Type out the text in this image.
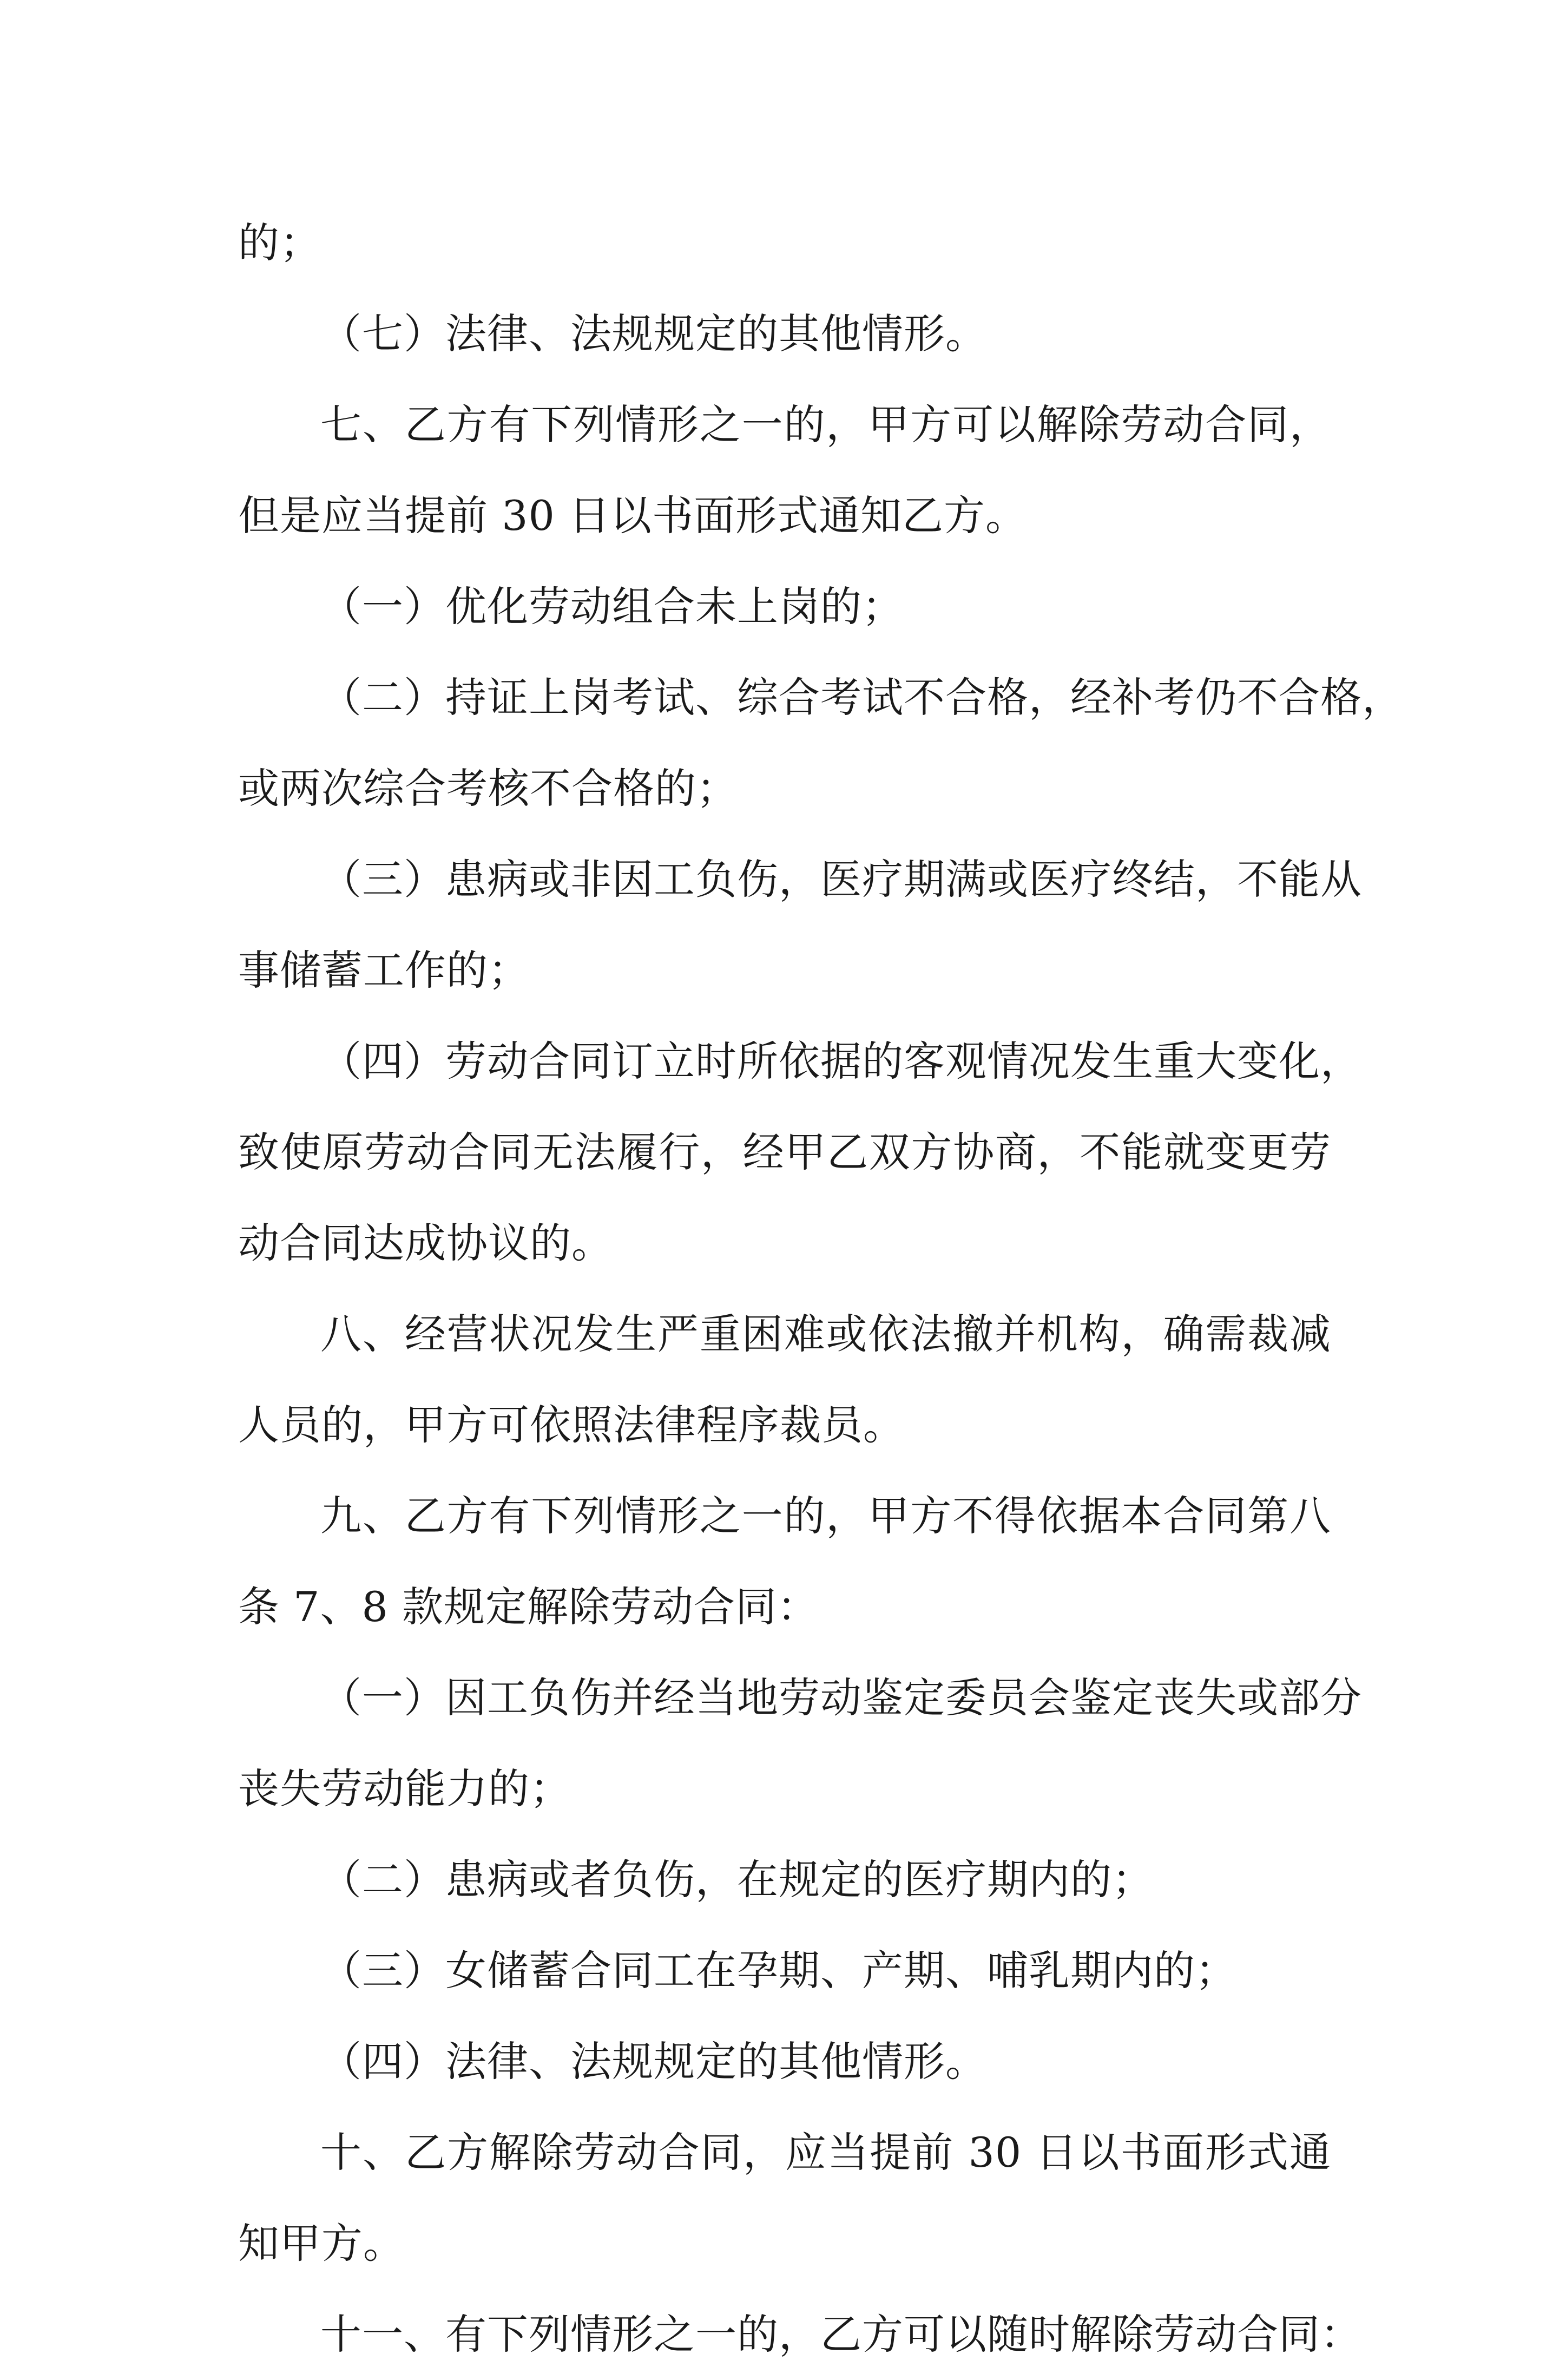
的；
（七）法律、法规规定的其他情形。
七、乙方有下列情形之一的，甲方可以解除劳动合同，
但是应当提前 30 日以书面形式通知乙方。
（一）优化劳动组合未上岗的；
（二）持证上岗考试、综合考试不合格，经补考仍不合格，
或两次综合考核不合格的；
（三）患病或非因工负伤，医疗期满或医疗终结，不能从
事储蓄工作的；
（四）劳动合同订立时所依据的客观情况发生重大变化，
致使原劳动合同无法履行，经甲乙双方协商，不能就变更劳
动合同达成协议的。
八、经营状况发生严重困难或依法撤并机构，确需裁减
人员的，甲方可依照法律程序裁员。
九、乙方有下列情形之一的，甲方不得依据本合同第八
条 7、8 款规定解除劳动合同：
（一）因工负伤并经当地劳动鉴定委员会鉴定丧失或部分
丧失劳动能力的；
（二）患病或者负伤，在规定的医疗期内的；
（三）女储蓄合同工在孕期、产期、哺乳期内的；
（四）法律、法规规定的其他情形。
十、乙方解除劳动合同，应当提前 30 日以书面形式通
知甲方。
十一、有下列情形之一的，乙方可以随时解除劳动合同：
